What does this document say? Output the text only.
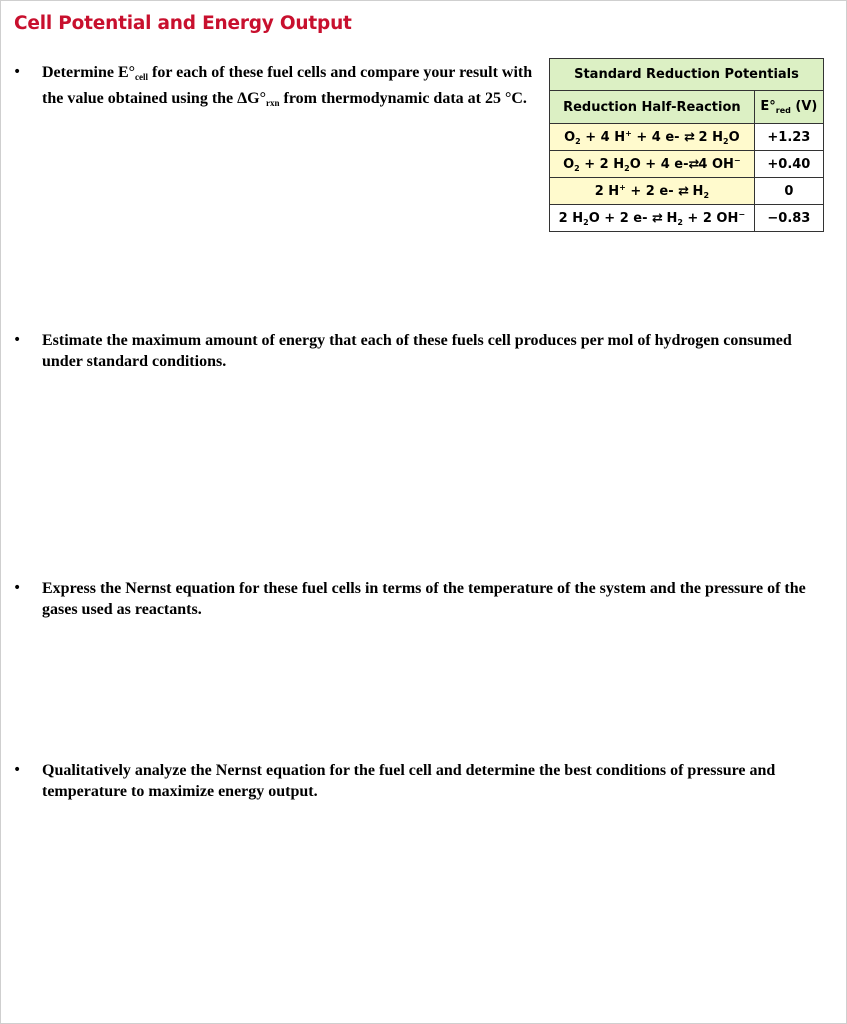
Cell Potential and Energy Output
• Determine $E^\circ_{cell}$ for each of these fuel cells and compare your result with the value obtained using the $\Delta G^\circ_{rxn}$ from thermodynamic data at 25 °C.
Standard Reduction Potentials	
Reduction Half-Reaction	$E^\circ_{red}$ (V)
$O_2 + 4$ H+ + 4 e- ⇄ 2 $H_2O$	+1.23
$O_2 + 2$ $H_2O + 4$ e-⇄4 OH−	+0.40
2 H+ + 2 e- ⇄ $H_2$	0
2 $H_2O + 2$ e- ⇄ $H_2 + 2$ OH−	−0.83
• Estimate the maximum amount of energy that each of these fuels cell produces per mol of hydrogen consumed under standard conditions.
• Express the Nernst equation for these fuel cells in terms of the temperature of the system and the pressure of the gases used as reactants.
• Qualitatively analyze the Nernst equation for the fuel cell and determine the best conditions of pressure and temperature to maximize energy output.
